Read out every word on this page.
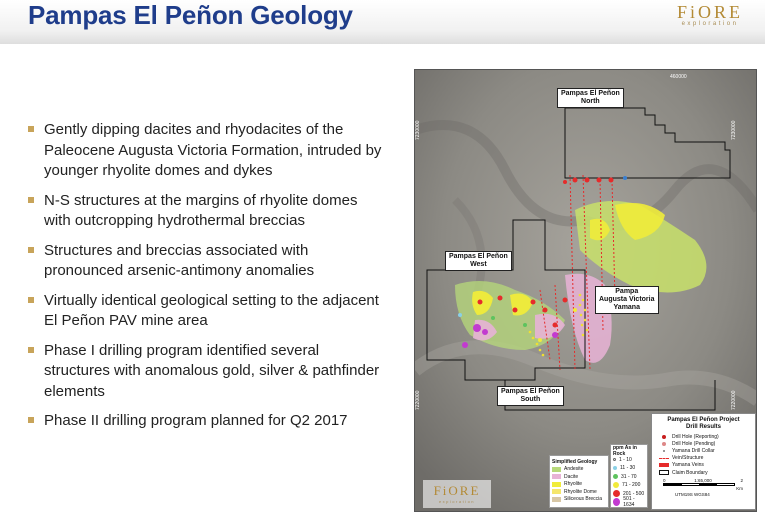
Pampas El Peñon Geology	FiORE
exploration
Gently dipping dacites and rhyodacites of the Paleocene Augusta Victoria Formation, intruded by younger rhyolite domes and dykes
N-S structures at the margins of rhyolite domes with outcropping hydrothermal breccias
Structures and breccias associated with pronounced arsenic-antimony anomalies
Virtually identical geological setting to the adjacent El Peñon PAV mine area
Phase I drilling program identified several structures with anomalous gold, silver & pathfinder elements
Phase II drilling program planned for Q2 2017
460000
7230000
7220000
7230000
7220000
Pampas El Peñon
North
Pampas El Peñon
West
Pampa
Augusta Victoria
Yamana
Pampas El Peñon
South
FiORE
exploration
Simplified Geology
Andesite
Dacite
Rhyolite
Rhyolite Dome
Siliceous Breccia
ppm As in Rock
1 - 10
11 - 30
31 - 70
71 - 200
201 - 500
501 - 1634
Pampas El Peñon Project
Drill Results
Drill Hole (Reporting)
Drill Hole (Pending)
Yamana Drill Collar
Vein/Structure
Yamana Veins
Claim Boundary
0	1:65,000	2
Km
UTM19S WGS84
